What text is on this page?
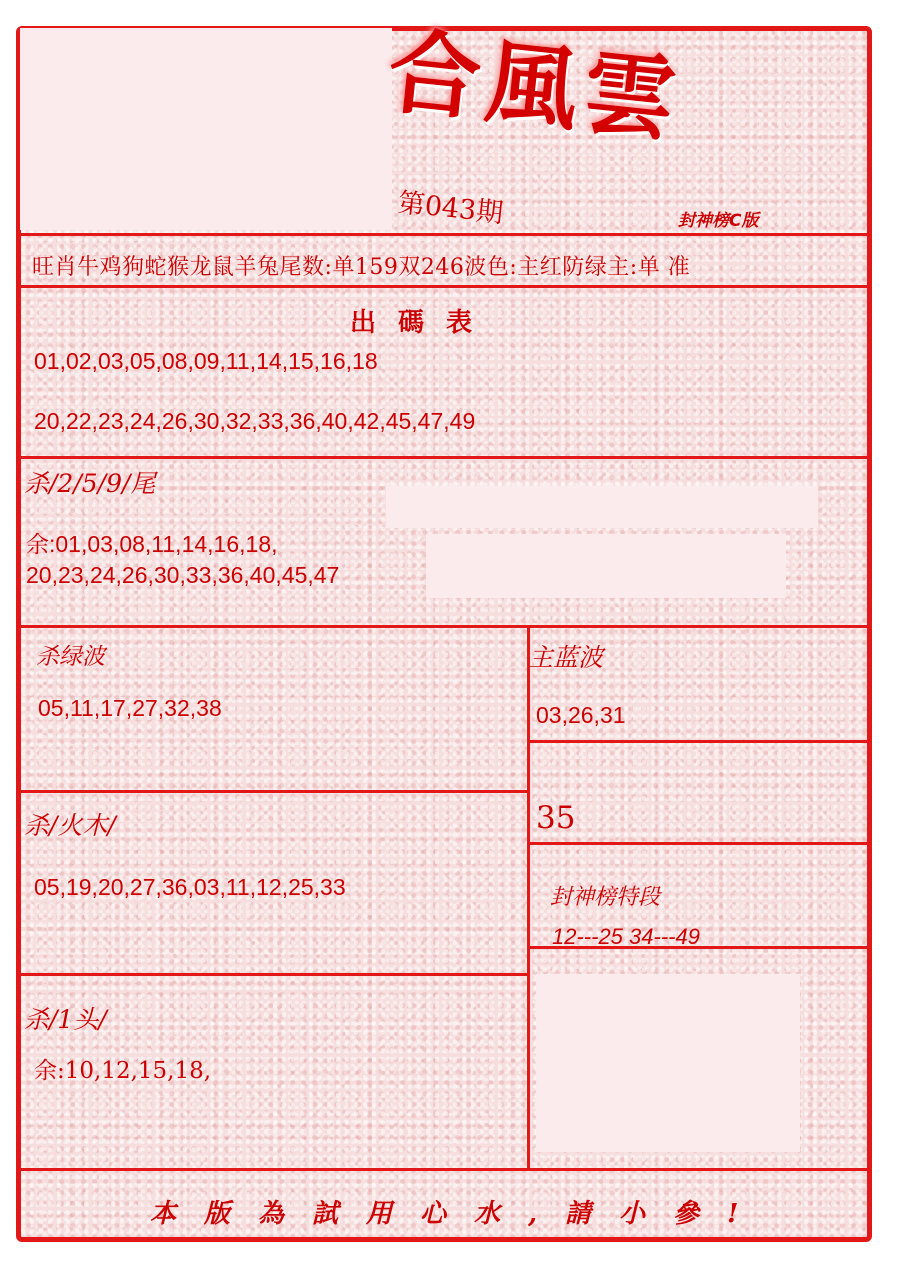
合風雲
第043期	封神榜C版
旺肖牛鸡狗蛇猴龙鼠羊兔尾数:单159双246波色:主红防绿主:单 准
出碼表
01,02,03,05,08,09,11,14,15,16,18
20,22,23,24,26,30,32,33,36,40,42,45,47,49
杀/2/5/9/尾
余:01,03,08,11,14,16,18,
20,23,24,26,30,33,36,40,45,47
杀绿波
05,11,17,27,32,38
主蓝波
03,26,31
杀/火木/
05,19,20,27,36,03,11,12,25,33
35
封神榜特段
12---25 34---49
杀/1头/
余:10,12,15,18,
本版為試用心水,請小參!
